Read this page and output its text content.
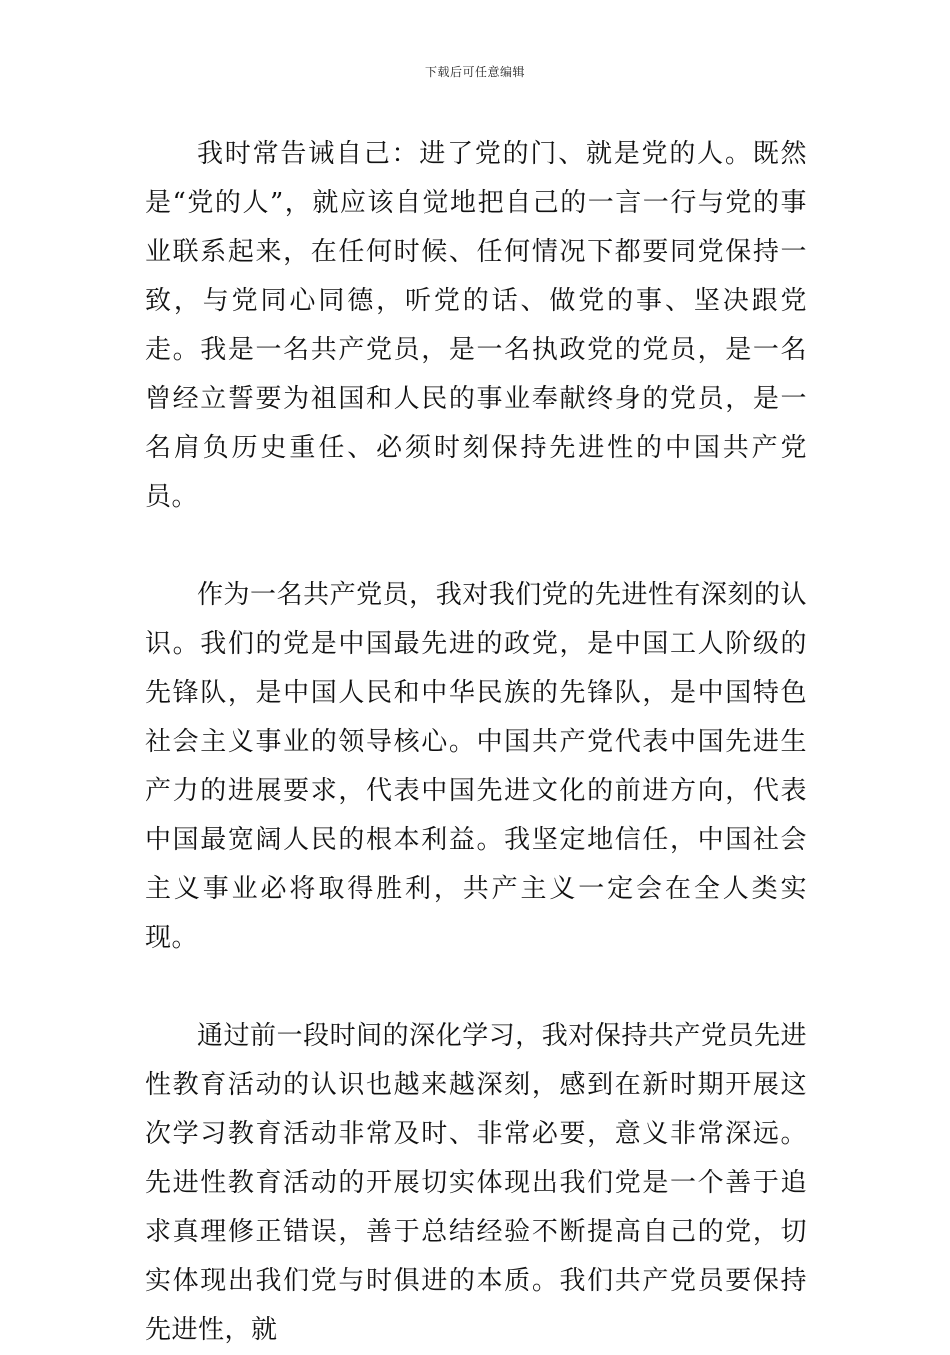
下载后可任意编辑

我时常告诫自己：进了党的门、就是党的人。既然是“党的人”，就应该自觉地把自己的一言一行与党的事业联系起来，在任何时候、任何情况下都要同党保持一致，与党同心同德，听党的话、做党的事、坚决跟党走。我是一名共产党员，是一名执政党的党员，是一名曾经立誓要为祖国和人民的事业奉献终身的党员，是一名肩负历史重任、必须时刻保持先进性的中国共产党员。

作为一名共产党员，我对我们党的先进性有深刻的认识。我们的党是中国最先进的政党，是中国工人阶级的先锋队，是中国人民和中华民族的先锋队，是中国特色社会主义事业的领导核心。中国共产党代表中国先进生产力的进展要求，代表中国先进文化的前进方向，代表中国最宽阔人民的根本利益。我坚定地信任，中国社会主义事业必将取得胜利，共产主义一定会在全人类实现。

通过前一段时间的深化学习，我对保持共产党员先进性教育活动的认识也越来越深刻，感到在新时期开展这次学习教育活动非常及时、非常必要，意义非常深远。先进性教育活动的开展切实体现出我们党是一个善于追求真理修正错误，善于总结经验不断提高自己的党，切实体现出我们党与时俱进的本质。我们共产党员要保持先进性，就
